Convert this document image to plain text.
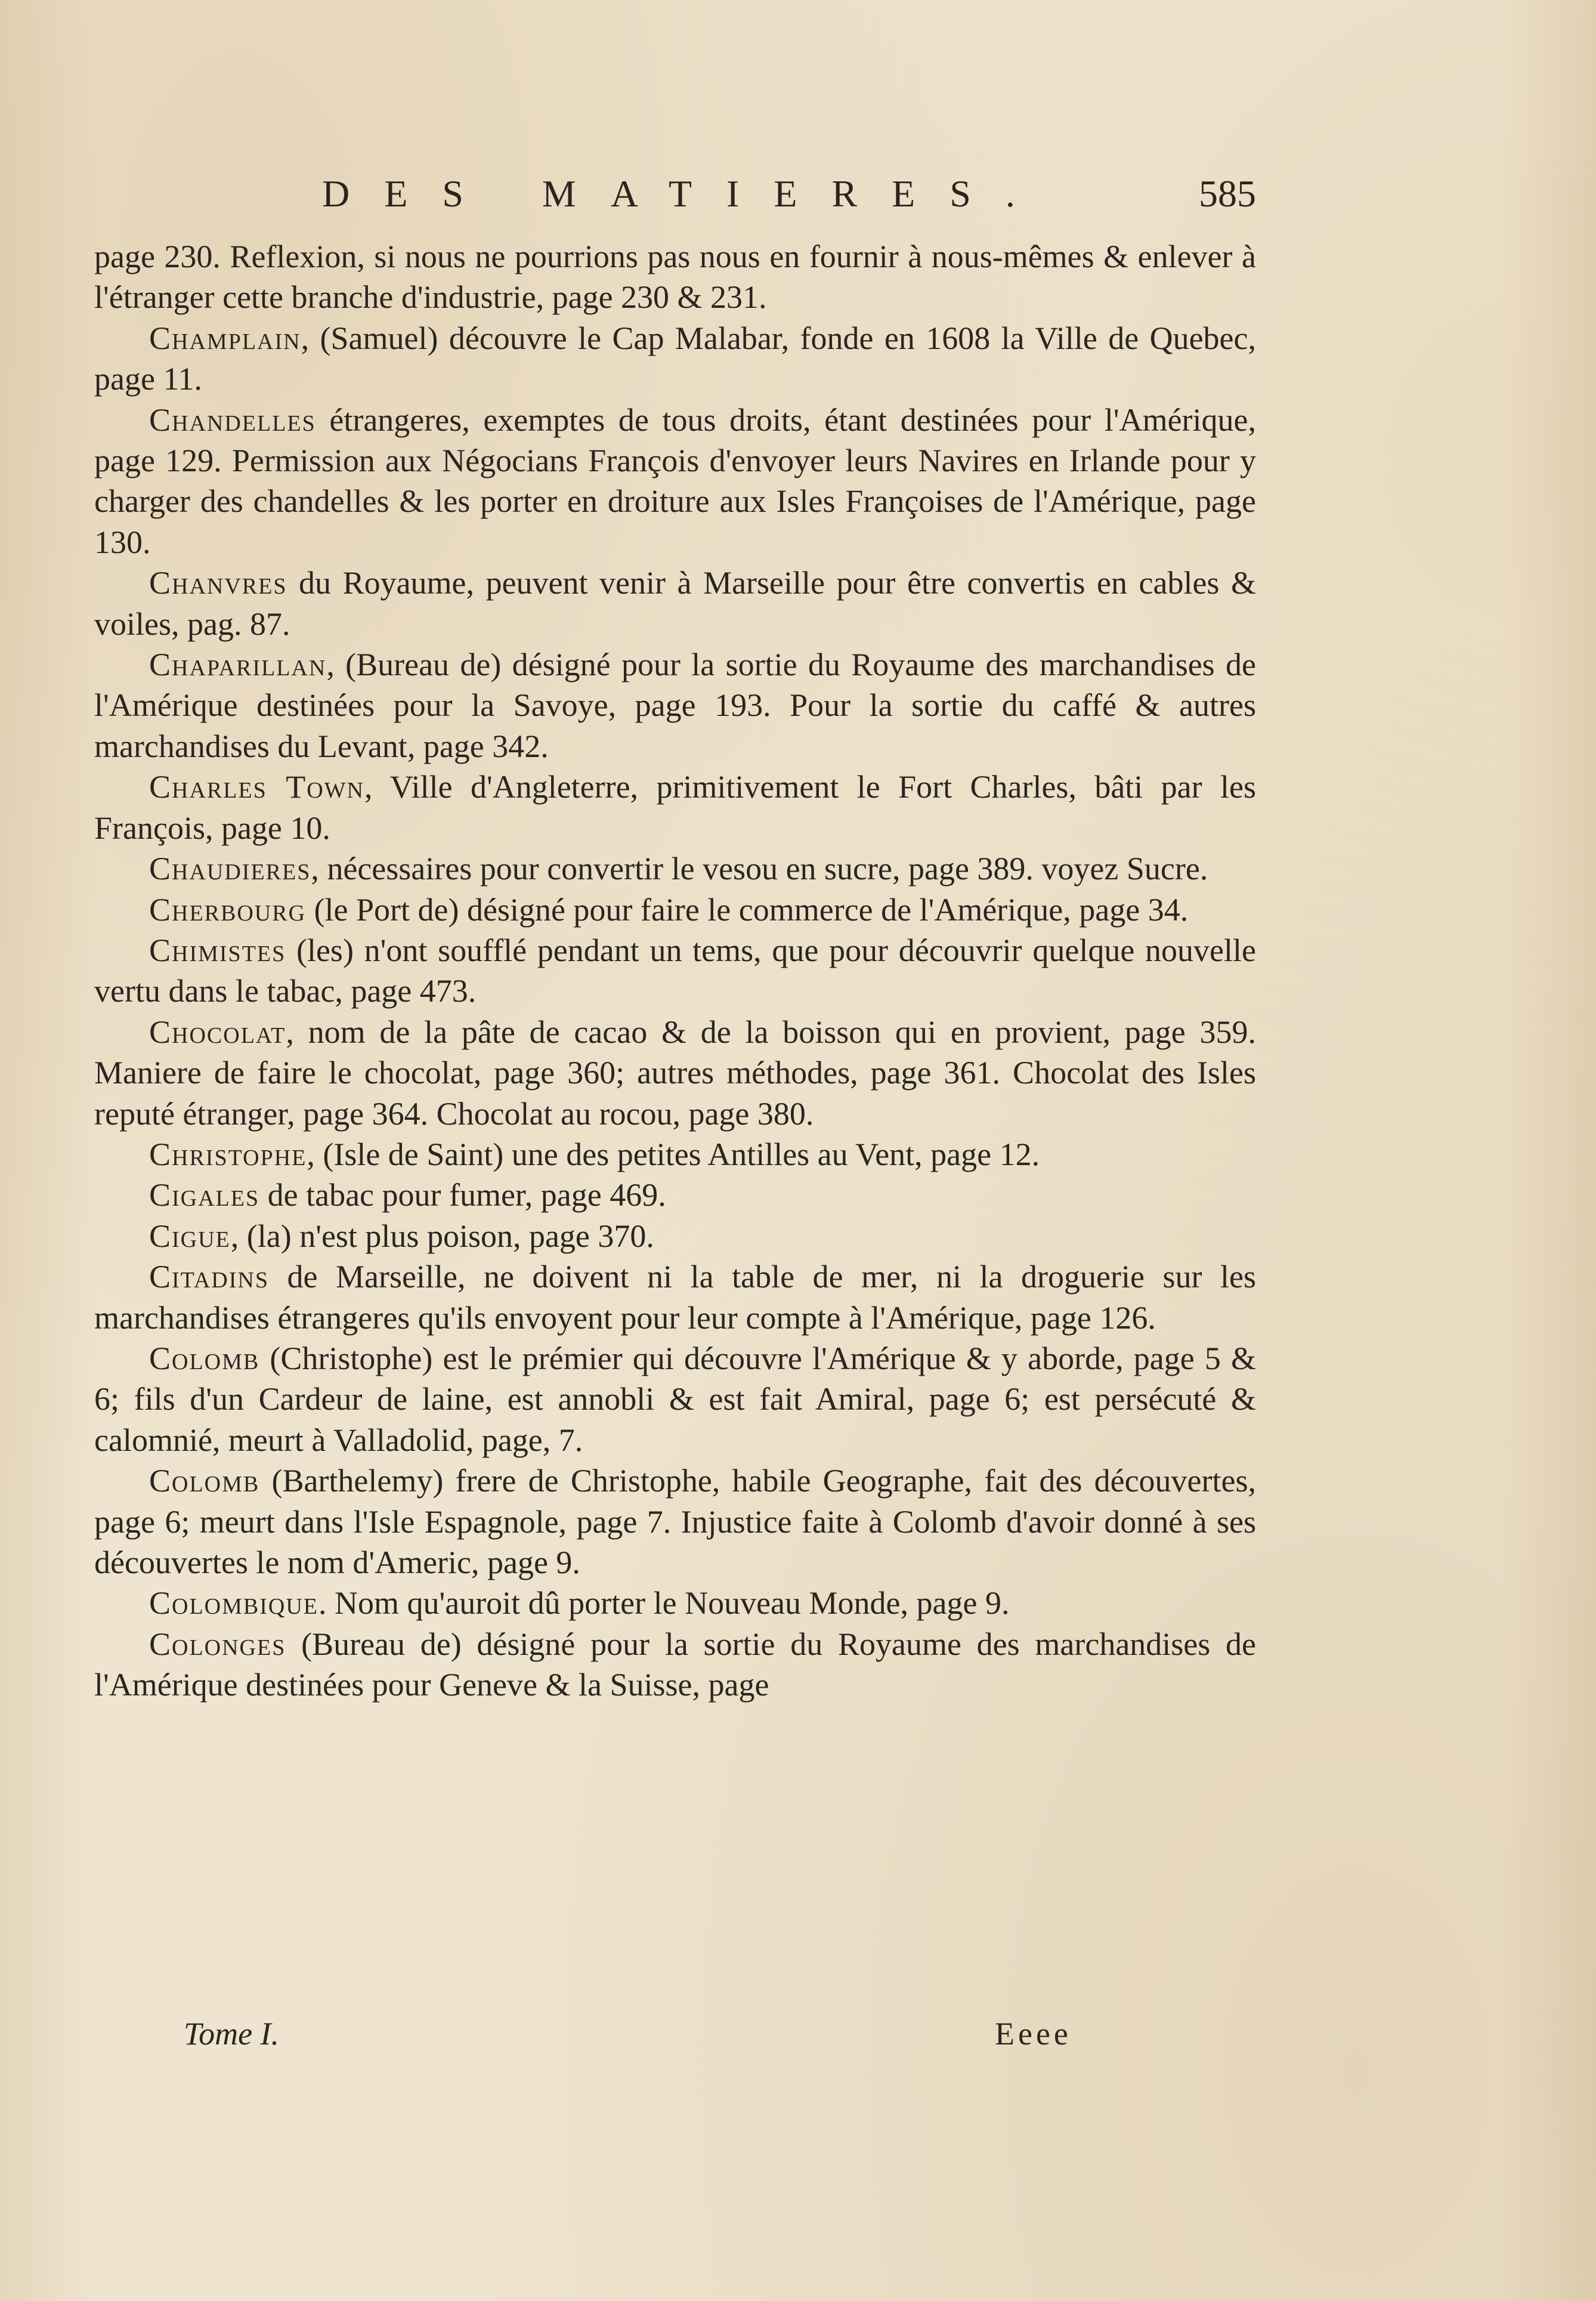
DES MATIERES.	585

page 230. Reflexion, si nous ne pourrions pas nous en fournir à nous-mêmes & enlever à l'étranger cette branche d'industrie, page 230 & 231.

Champlain, (Samuel) découvre le Cap Malabar, fonde en 1608 la Ville de Quebec, page 11.

Chandelles étrangeres, exemptes de tous droits, étant destinées pour l'Amérique, page 129. Permission aux Négocians François d'envoyer leurs Navires en Irlande pour y charger des chandelles & les porter en droiture aux Isles Françoises de l'Amérique, page 130.

Chanvres du Royaume, peuvent venir à Marseille pour être convertis en cables & voiles, pag. 87.

Chaparillan, (Bureau de) désigné pour la sortie du Royaume des marchandises de l'Amérique destinées pour la Savoye, page 193. Pour la sortie du caffé & autres marchandises du Levant, page 342.

Charles Town, Ville d'Angleterre, primitivement le Fort Charles, bâti par les François, page 10.

Chaudieres, nécessaires pour convertir le vesou en sucre, page 389. voyez Sucre.

Cherbourg (le Port de) désigné pour faire le commerce de l'Amérique, page 34.

Chimistes (les) n'ont soufflé pendant un tems, que pour découvrir quelque nouvelle vertu dans le tabac, page 473.

Chocolat, nom de la pâte de cacao & de la boisson qui en provient, page 359. Maniere de faire le chocolat, page 360; autres méthodes, page 361. Chocolat des Isles reputé étranger, page 364. Chocolat au rocou, page 380.

Christophe, (Isle de Saint) une des petites Antilles au Vent, page 12.

Cigales de tabac pour fumer, page 469.

Cigue, (la) n'est plus poison, page 370.

Citadins de Marseille, ne doivent ni la table de mer, ni la droguerie sur les marchandises étrangeres qu'ils envoyent pour leur compte à l'Amérique, page 126.

Colomb (Christophe) est le prémier qui découvre l'Amérique & y aborde, page 5 & 6; fils d'un Cardeur de laine, est annobli & est fait Amiral, page 6; est persécuté & calomnié, meurt à Valladolid, page, 7.

Colomb (Barthelemy) frere de Christophe, habile Geographe, fait des découvertes, page 6; meurt dans l'Isle Espagnole, page 7. Injustice faite à Colomb d'avoir donné à ses découvertes le nom d'Americ, page 9.

Colombique. Nom qu'auroit dû porter le Nouveau Monde, page 9.

Colonges (Bureau de) désigné pour la sortie du Royaume des marchandises de l'Amérique destinées pour Geneve & la Suisse, page

Tome I.	Eeee
